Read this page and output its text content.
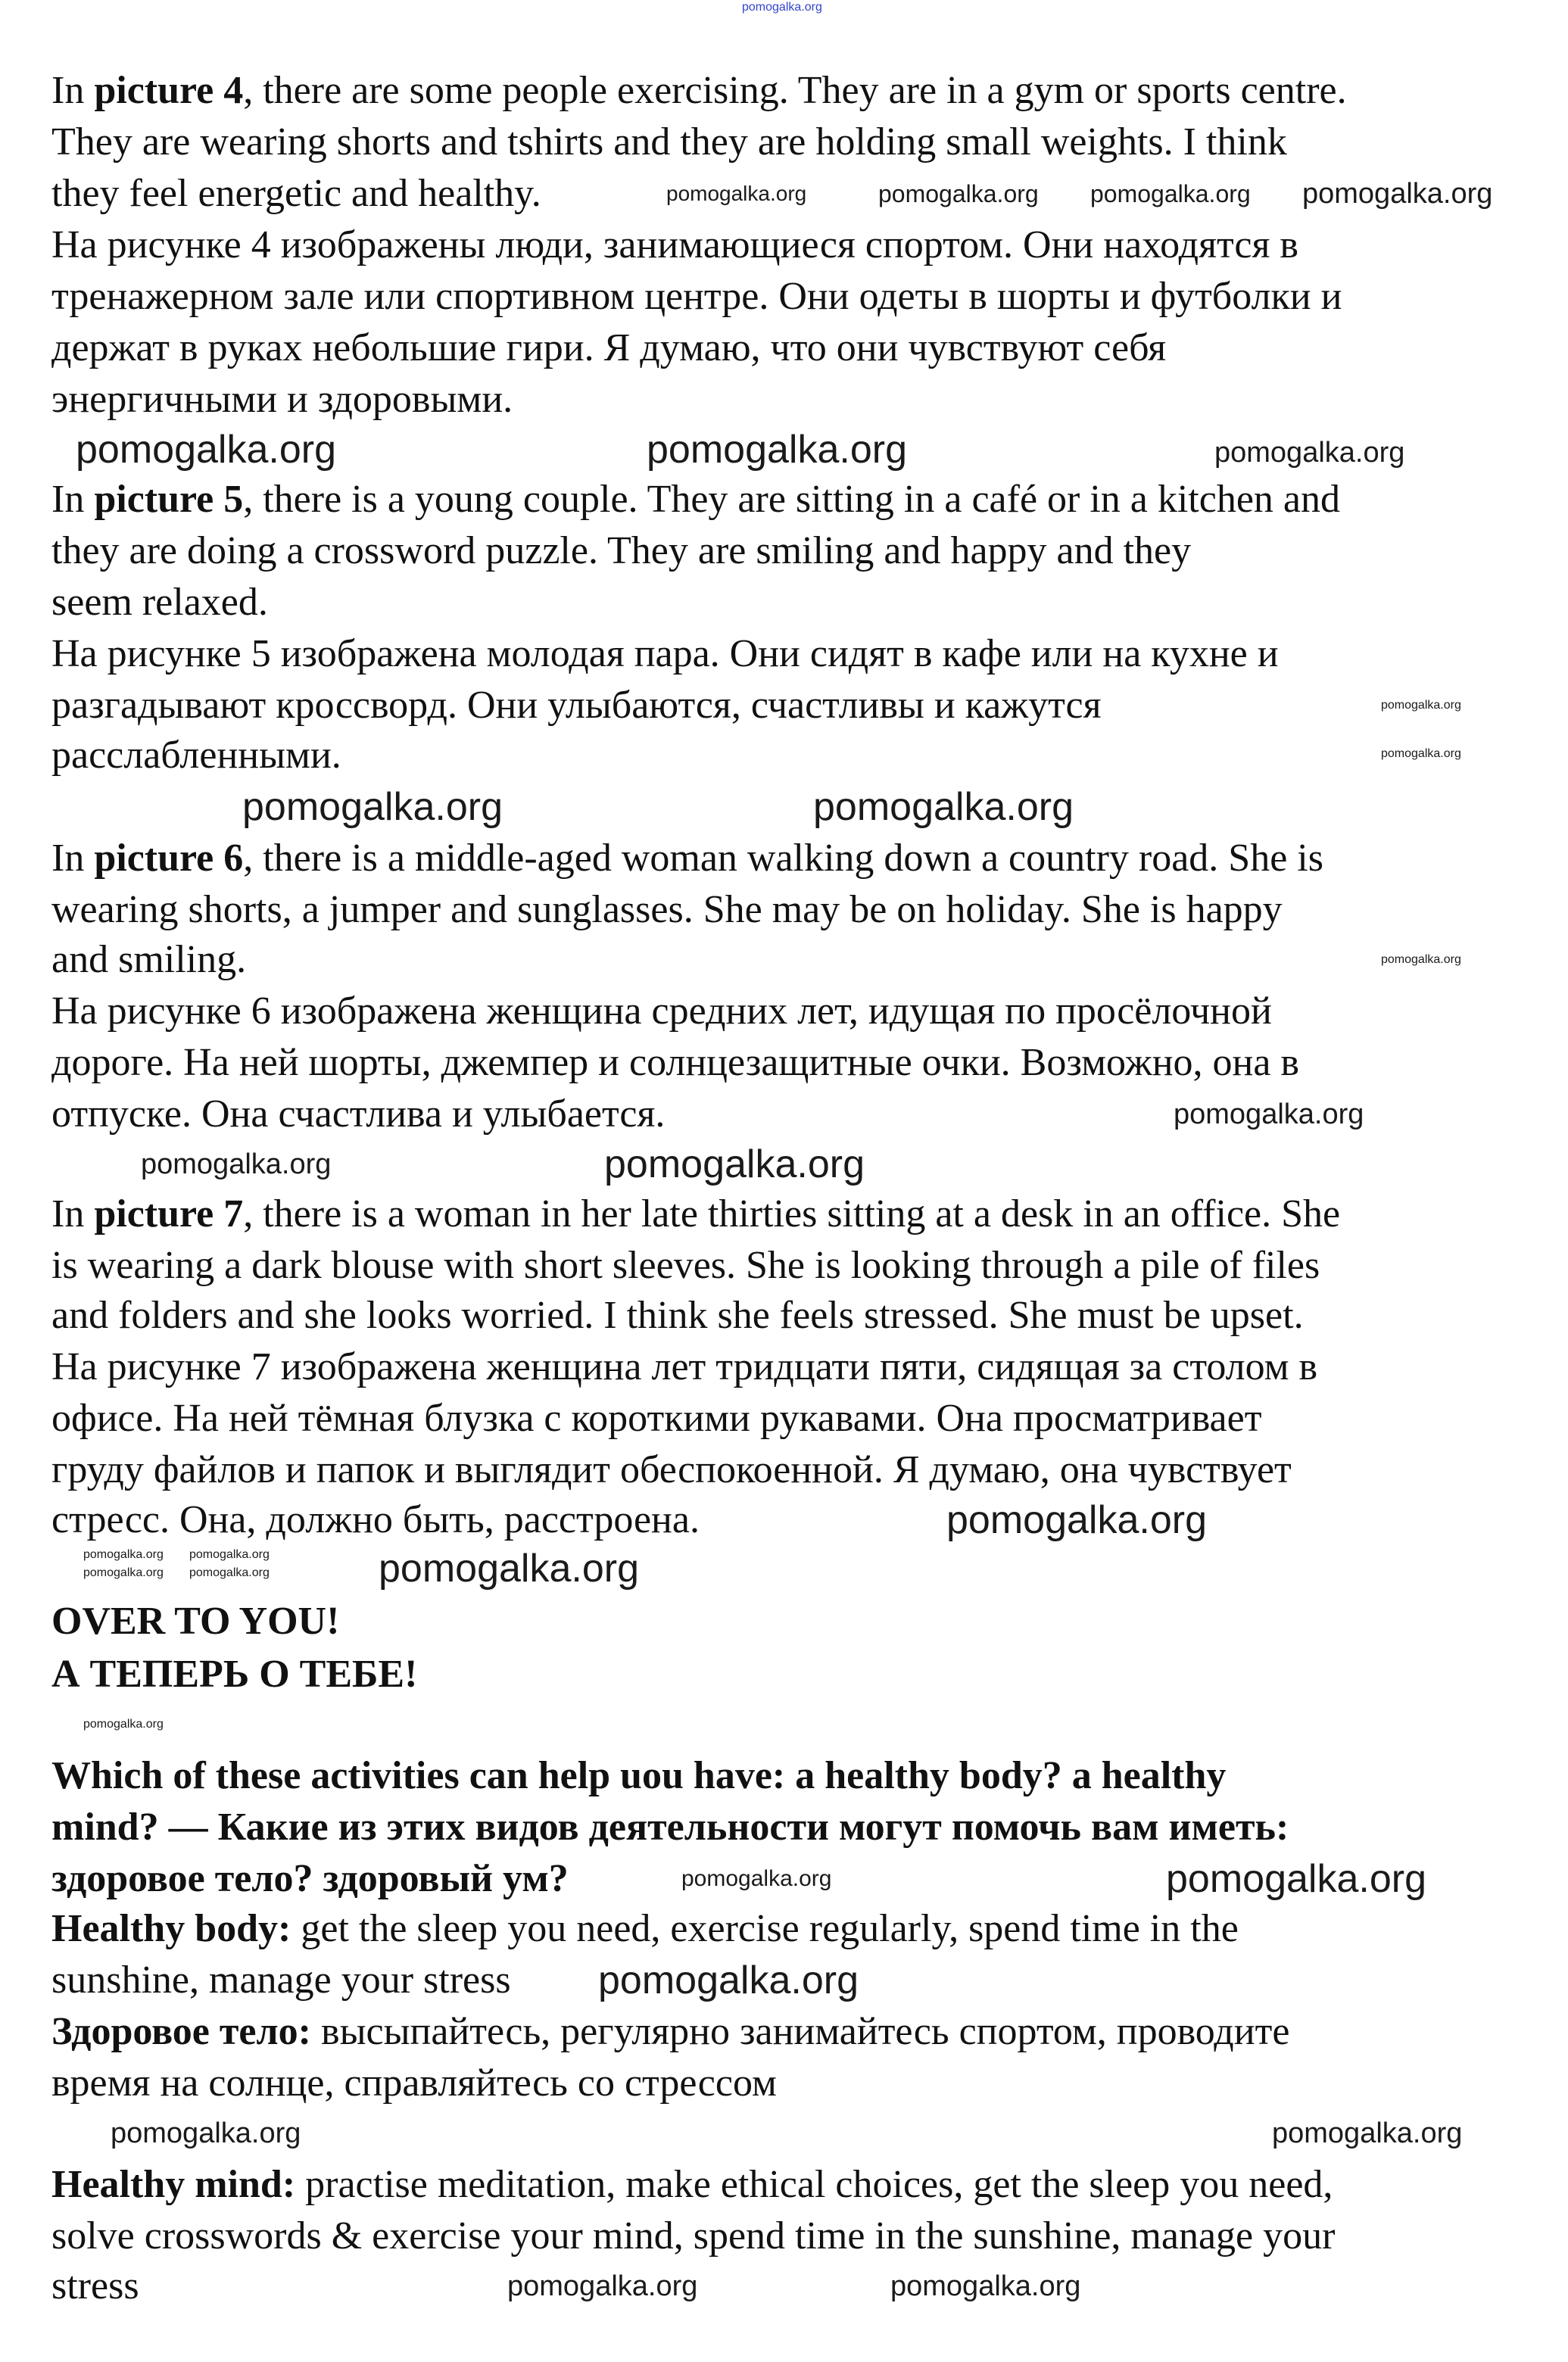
pomogalka.org
In picture 4, there are some people exercising. They are in a gym or sports centre.
They are wearing shorts and tshirts and they are holding small weights. I think
they feel energetic and healthy.
На рисунке 4 изображены люди, занимающиеся спортом. Они находятся в
тренажерном зале или спортивном центре. Они одеты в шорты и футболки и
держат в руках небольшие гири. Я думаю, что они чувствуют себя
энергичными и здоровыми.
In picture 5, there is a young couple. They are sitting in a café or in a kitchen and
they are doing a crossword puzzle. They are smiling and happy and they
seem relaxed.
На рисунке 5 изображена молодая пара. Они сидят в кафе или на кухне и
разгадывают кроссворд. Они улыбаются, счастливы и кажутся
расслабленными.
In picture 6, there is a middle-aged woman walking down a country road. She is
wearing shorts, a jumper and sunglasses. She may be on holiday. She is happy
and smiling.
На рисунке 6 изображена женщина средних лет, идущая по просёлочной
дороге. На ней шорты, джемпер и солнцезащитные очки. Возможно, она в
отпуске. Она счастлива и улыбается.
In picture 7, there is a woman in her late thirties sitting at a desk in an office. She
is wearing a dark blouse with short sleeves. She is looking through a pile of files
and folders and she looks worried. I think she feels stressed. She must be upset.
На рисунке 7 изображена женщина лет тридцати пяти, сидящая за столом в
офисе. На ней тёмная блузка с короткими рукавами. Она просматривает
груду файлов и папок и выглядит обеспокоенной. Я думаю, она чувствует
стресс. Она, должно быть, расстроена.
OVER TO YOU!
А ТЕПЕРЬ О ТЕБЕ!
Which of these activities can help uou have: a healthy body? a healthy
mind? — Какие из этих видов деятельности могут помочь вам иметь:
здоровое тело? здоровый ум?
Healthy body: get the sleep you need, exercise regularly, spend time in the
sunshine, manage your stress
Здоровое тело: высыпайтесь, регулярно занимайтесь спортом, проводите
время на солнце, справляйтесь со стрессом
Healthy mind: practise meditation, make ethical choices, get the sleep you need,
solve crosswords & exercise your mind, spend time in the sunshine, manage your
stress
pomogalka.org	pomogalka.org pomogalka.org pomogalka.org
pomogalka.org	pomogalka.org	pomogalka.org
pomogalka.org
pomogalka.org
pomogalka.org	pomogalka.org
pomogalka.org
pomogalka.org
pomogalka.org	pomogalka.org
pomogalka.org
pomogalka.org
pomogalka.org
pomogalka.org
pomogalka.org
pomogalka.org
pomogalka.org
pomogalka.org	pomogalka.org
pomogalka.org
pomogalka.org	pomogalka.org
pomogalka.org	pomogalka.org
